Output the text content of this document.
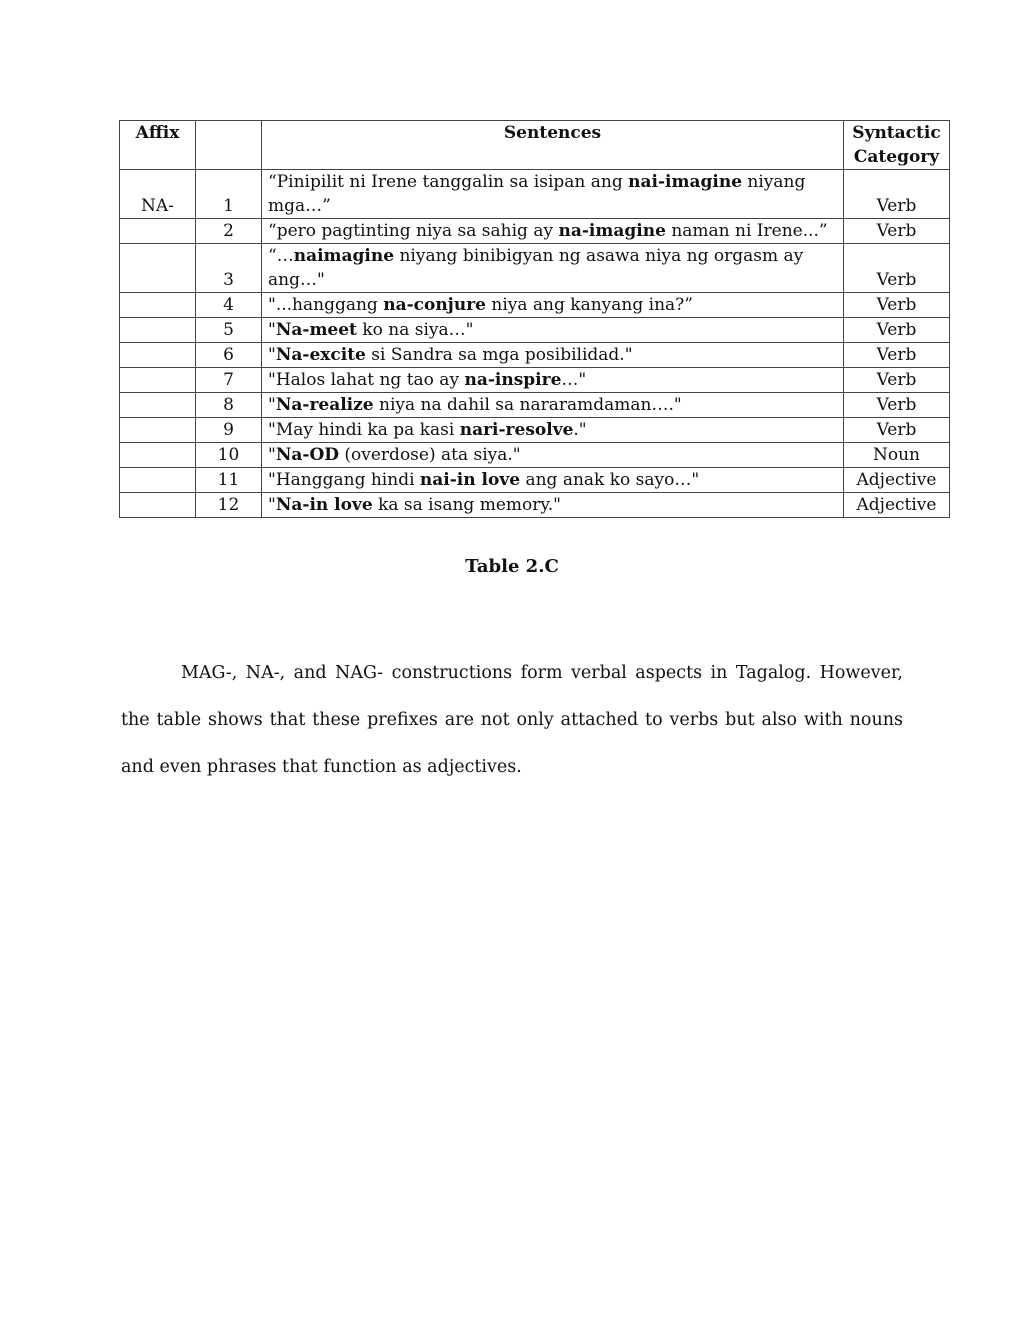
Affix		Sentences	Syntactic
Category
NA-	1	“Pinipilit ni Irene tanggalin sa isipan ang nai-imagine niyang mga…”	Verb
	2	“pero pagtinting niya sa sahig ay na-imagine naman ni Irene...”	Verb
	3	“…naimagine niyang binibigyan ng asawa niya ng orgasm ay ang…"	Verb
	4	"...hanggang na-conjure niya ang kanyang ina?”	Verb
	5	"Na-meet ko na siya…"	Verb
	6	"Na-excite si Sandra sa mga posibilidad."	Verb
	7	"Halos lahat ng tao ay na-inspire…"	Verb
	8	"Na-realize niya na dahil sa nararamdaman…."	Verb
	9	"May hindi ka pa kasi nari-resolve."	Verb
	10	"Na-OD (overdose) ata siya."	Noun
	11	"Hanggang hindi nai-in love ang anak ko sayo…"	Adjective
	12	"Na-in love ka sa isang memory."	Adjective
Table 2.C
MAG-, NA-, and NAG- constructions form verbal aspects in Tagalog. However, the table shows that these prefixes are not only attached to verbs but also with nouns and even phrases that function as adjectives.
